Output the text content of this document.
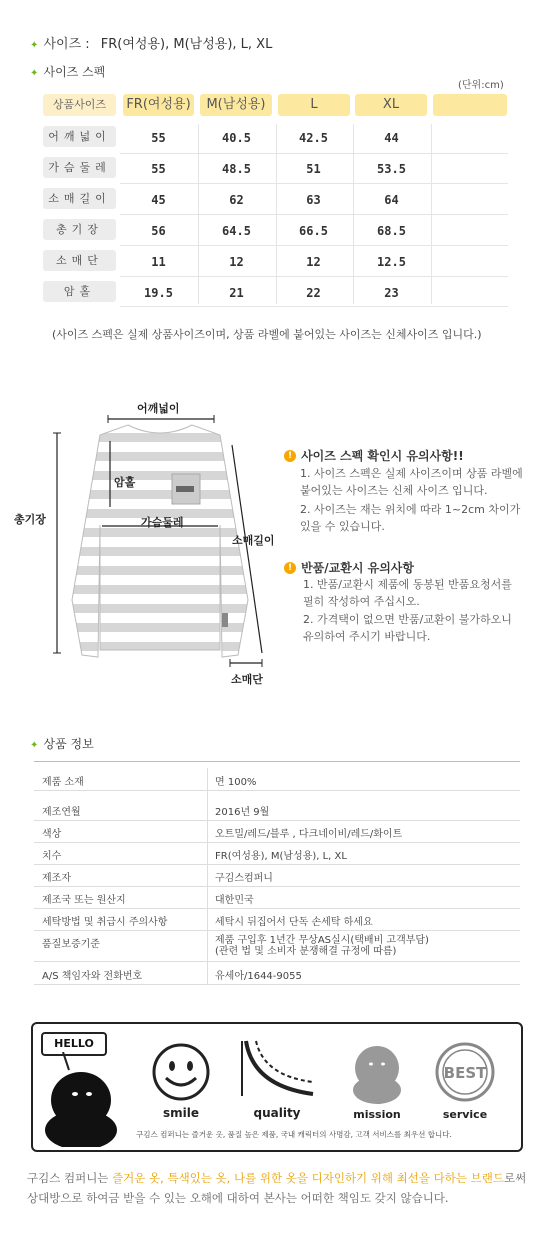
✦ 사이즈 : FR(여성용), M(남성용), L, XL
✦ 사이즈 스펙
(단위:cm)
상품사이즈	FR(여성용)	M(남성용)	L	XL
어깨넓이	55	40.5	42.5	44
가슴둘레	55	48.5	51	53.5
소매길이	45	62	63	64
총기장	56	64.5	66.5	68.5
소매단	11	12	12	12.5
암홀	19.5	21	22	23
(사이즈 스펙은 실제 상품사이즈이며, 상품 라벨에 붙어있는 사이즈는 신체사이즈 입니다.)
어깨넓이
암홀
가슴둘레
총기장
소매길이
소매단
! 사이즈 스펙 확인시 유의사항!!
1. 사이즈 스펙은 실제 사이즈이며 상품 라벨에
붙어있는 사이즈는 신체 사이즈 입니다.
2. 사이즈는 재는 위치에 따라 1~2cm 차이가
있을 수 있습니다.
! 반품/교환시 유의사항
1. 반품/교환시 제품에 동봉된 반품요청서를
필히 작성하여 주십시오.
2. 가격택이 없으면 반품/교환이 불가하오니
유의하여 주시기 바랍니다.
✦ 상품 정보
제품 소재	면 100%
제조연월	2016년 9월
색상	오트밀/레드/블루 , 다크네이비/레드/화이트
치수	FR(여성용), M(남성용), L, XL
제조자	구김스컴퍼니
제조국 또는 원산지	대한민국
세탁방법 및 취급시 주의사항	세탁시 뒤집어서 단독 손세탁 하세요
품질보증기준	제품 구입후 1년간 무상AS실시(택배비 고객부담)
(관련 법 및 소비자 분쟁해결 규정에 따름)
A/S 책임자와 전화번호	유세아/1644-9055
HELLO
BEST
smile	quality	mission	service
구김스 컴퍼니는 즐거운 옷, 품질 높은 제품, 국내 캐릭터의 사명감, 고객 서비스를 최우선 합니다.
구김스 컴퍼니는 즐거운 옷, 특색있는 옷, 나를 위한 옷을 디자인하기 위해 최선을 다하는 브랜드로써 상대방으로 하여금 받을 수 있는 오해에 대하여 본사는 어떠한 책임도 갖지 않습니다.
